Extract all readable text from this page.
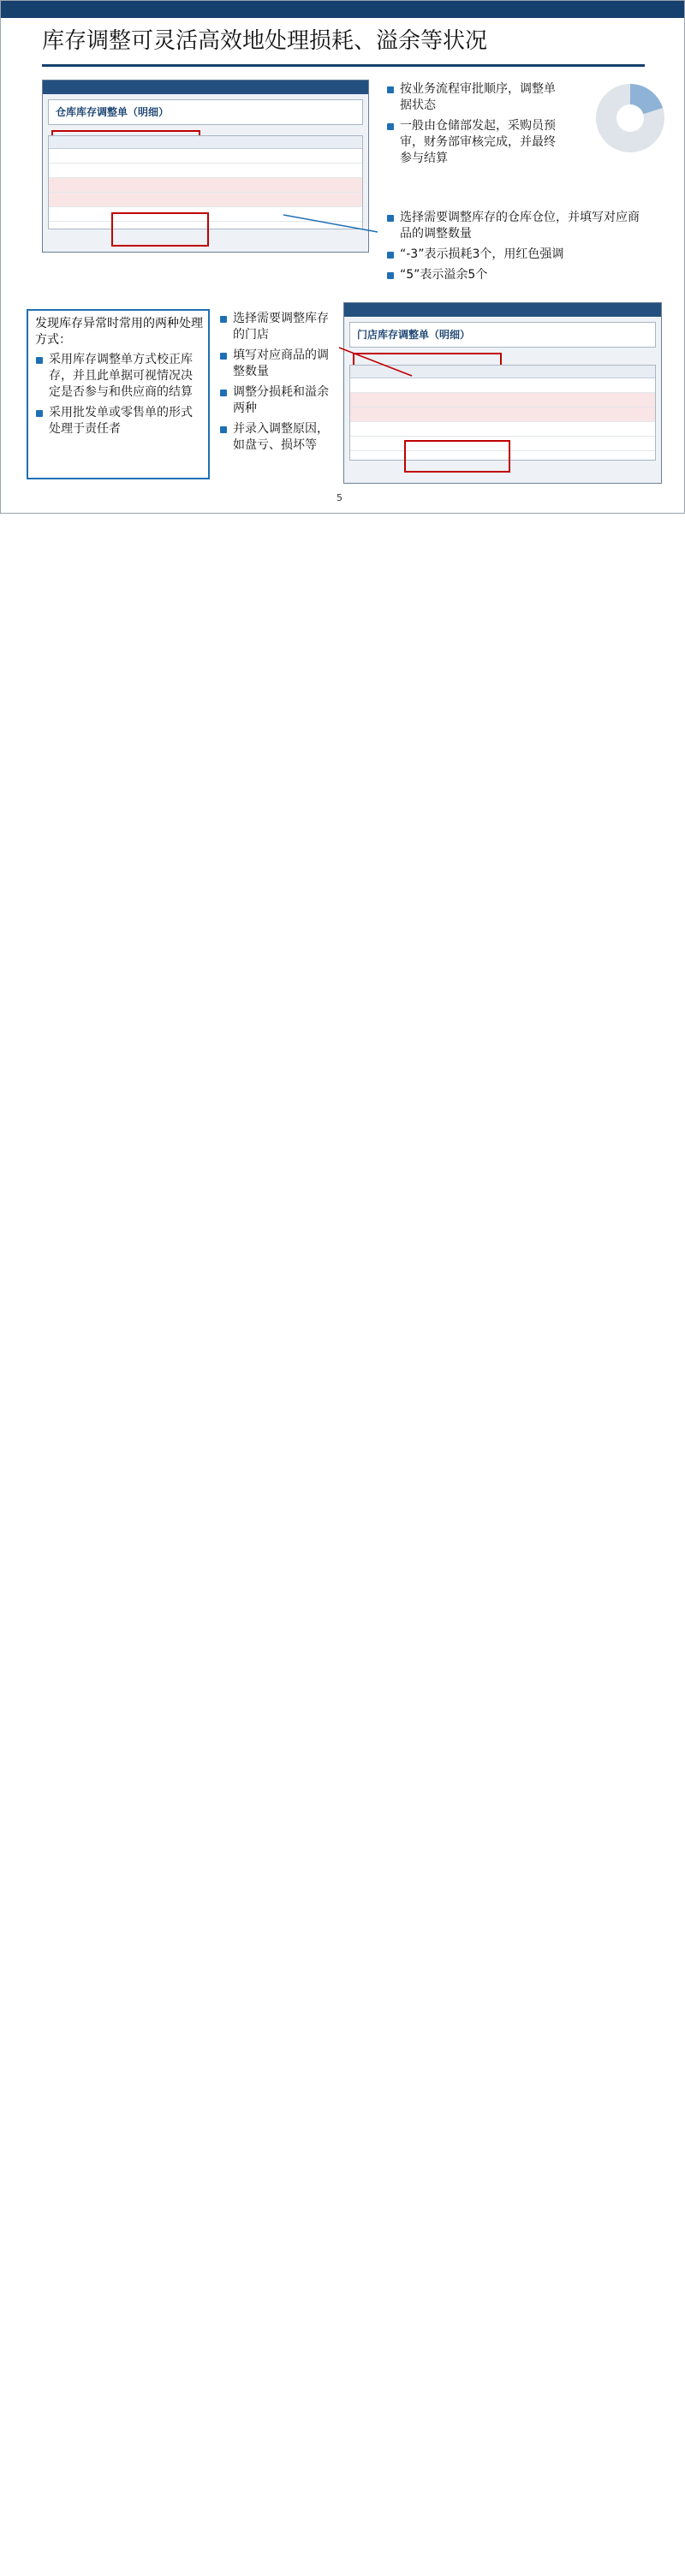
库存调整可灵活高效地处理损耗、溢余等状况
仓库库存调整单（明细）
按业务流程审批顺序，调整单据状态
一般由仓储部发起，采购员预审，财务部审核完成，并最终参与结算
选择需要调整库存的仓库仓位，并填写对应商品的调整数量
“-3”表示损耗3个，用红色强调
“5”表示溢余5个
发现库存异常时常用的两种处理方式：
采用库存调整单方式校正库存，并且此单据可视情况决定是否参与和供应商的结算
采用批发单或零售单的形式处理于责任者
选择需要调整库存的门店
填写对应商品的调整数量
调整分损耗和溢余两种
并录入调整原因，如盘亏、损坏等
门店库存调整单（明细）
5
